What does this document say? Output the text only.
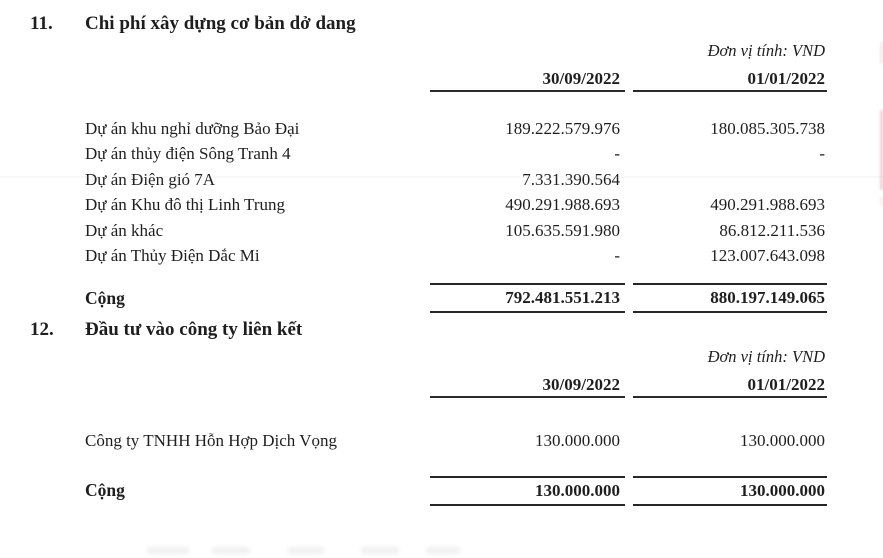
11.	Chi phí xây dựng cơ bản dở dang
Đơn vị tính: VND
30/09/2022	01/01/2022
Dự án khu nghỉ dưỡng Bảo Đại	189.222.579.976	180.085.305.738
Dự án thủy điện Sông Tranh 4	-	-
Dự án Điện gió 7A	7.331.390.564
Dự án Khu đô thị Linh Trung	490.291.988.693	490.291.988.693
Dự án khác	105.635.591.980	86.812.211.536
Dự án Thủy Điện Dắc Mi	-	123.007.643.098
Cộng	792.481.551.213	880.197.149.065
12.	Đầu tư vào công ty liên kết
Đơn vị tính: VND
30/09/2022	01/01/2022
Công ty TNHH Hỗn Hợp Dịch Vọng	130.000.000	130.000.000
Cộng	130.000.000	130.000.000
